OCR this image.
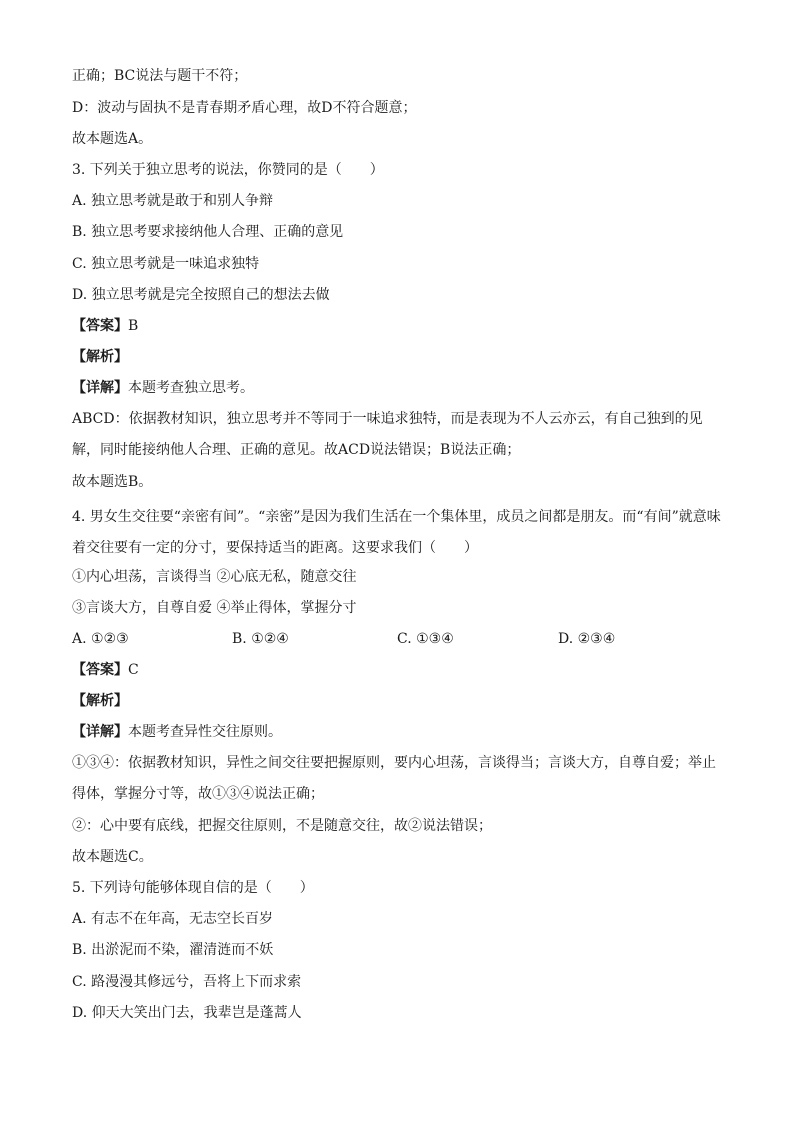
正确；BC说法与题干不符；
D：波动与固执不是青春期矛盾心理，故D不符合题意；
故本题选A。
3. 下列关于独立思考的说法，你赞同的是（　　）
A. 独立思考就是敢于和别人争辩
B. 独立思考要求接纳他人合理、正确的意见
C. 独立思考就是一味追求独特
D. 独立思考就是完全按照自己的想法去做
【答案】B
【解析】
【详解】本题考查独立思考。
ABCD：依据教材知识，独立思考并不等同于一味追求独特，而是表现为不人云亦云，有自己独到的见解，同时能接纳他人合理、正确的意见。故ACD说法错误；B说法正确；
故本题选B。
4. 男女生交往要“亲密有间”。“亲密”是因为我们生活在一个集体里，成员之间都是朋友。而“有间”就意味着交往要有一定的分寸，要保持适当的距离。这要求我们（　　）
①内心坦荡，言谈得当 ②心底无私，随意交往
③言谈大方，自尊自爱 ④举止得体，掌握分寸
A. ①②③	B. ①②④	C. ①③④	D. ②③④
【答案】C
【解析】
【详解】本题考查异性交往原则。
①③④：依据教材知识，异性之间交往要把握原则，要内心坦荡，言谈得当；言谈大方，自尊自爱；举止得体，掌握分寸等，故①③④说法正确；
②：心中要有底线，把握交往原则，不是随意交往，故②说法错误；
故本题选C。
5. 下列诗句能够体现自信的是（　　）
A. 有志不在年高，无志空长百岁
B. 出淤泥而不染，濯清涟而不妖
C. 路漫漫其修远兮，吾将上下而求索
D. 仰天大笑出门去，我辈岂是蓬蒿人
